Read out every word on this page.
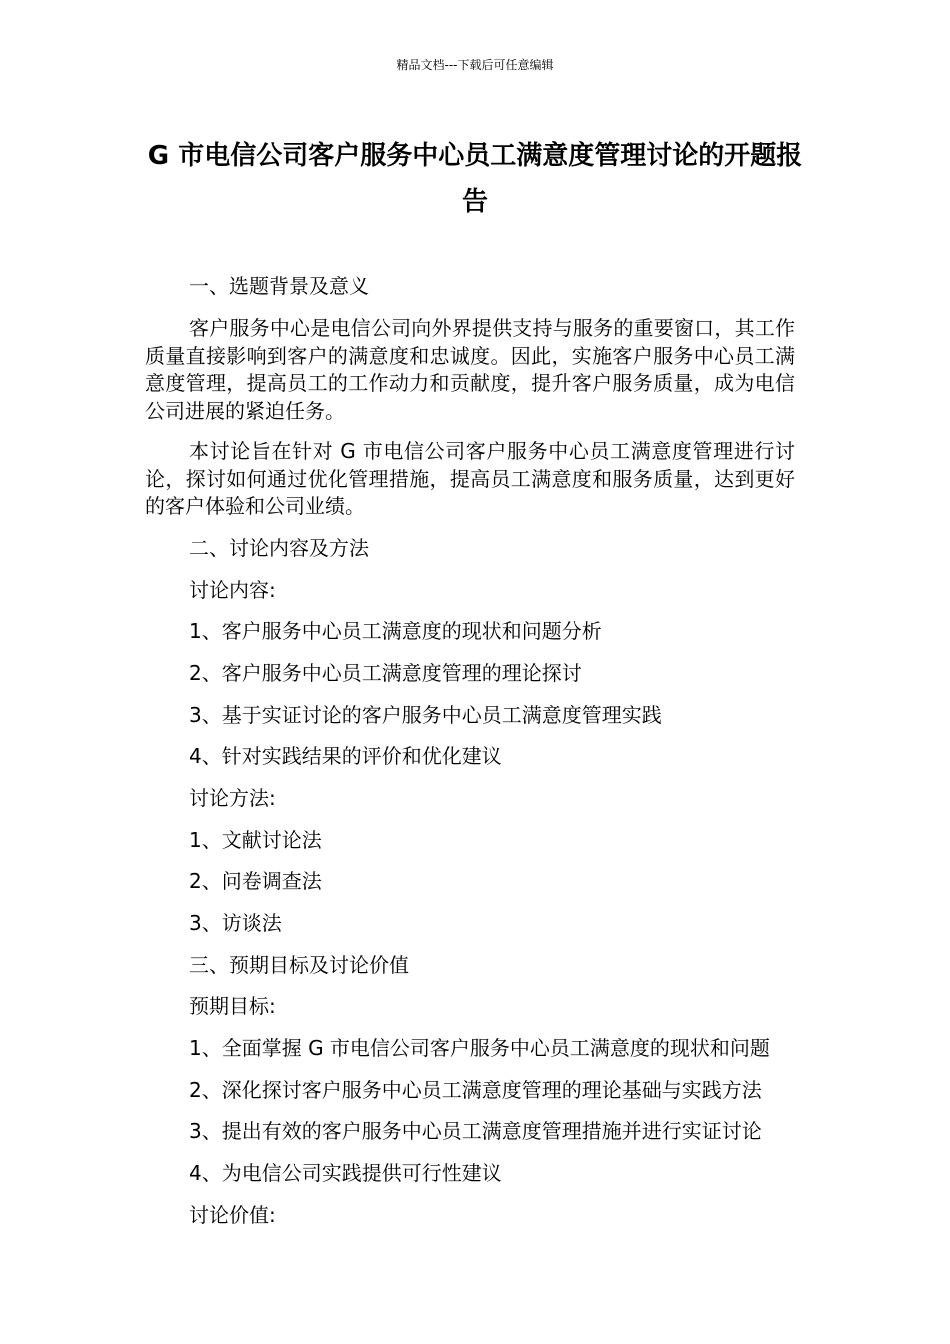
精品文档---下载后可任意编辑
G 市电信公司客户服务中心员工满意度管理讨论的开题报告
一、选题背景及意义

客户服务中心是电信公司向外界提供支持与服务的重要窗口，其工作质量直接影响到客户的满意度和忠诚度。因此，实施客户服务中心员工满意度管理，提高员工的工作动力和贡献度，提升客户服务质量，成为电信公司进展的紧迫任务。

本讨论旨在针对 G 市电信公司客户服务中心员工满意度管理进行讨论，探讨如何通过优化管理措施，提高员工满意度和服务质量，达到更好的客户体验和公司业绩。

二、讨论内容及方法
讨论内容:
1、客户服务中心员工满意度的现状和问题分析
2、客户服务中心员工满意度管理的理论探讨
3、基于实证讨论的客户服务中心员工满意度管理实践
4、针对实践结果的评价和优化建议
讨论方法:
1、文献讨论法
2、问卷调查法
3、访谈法
三、预期目标及讨论价值
预期目标:
1、全面掌握 G 市电信公司客户服务中心员工满意度的现状和问题
2、深化探讨客户服务中心员工满意度管理的理论基础与实践方法
3、提出有效的客户服务中心员工满意度管理措施并进行实证讨论
4、为电信公司实践提供可行性建议
讨论价值:
